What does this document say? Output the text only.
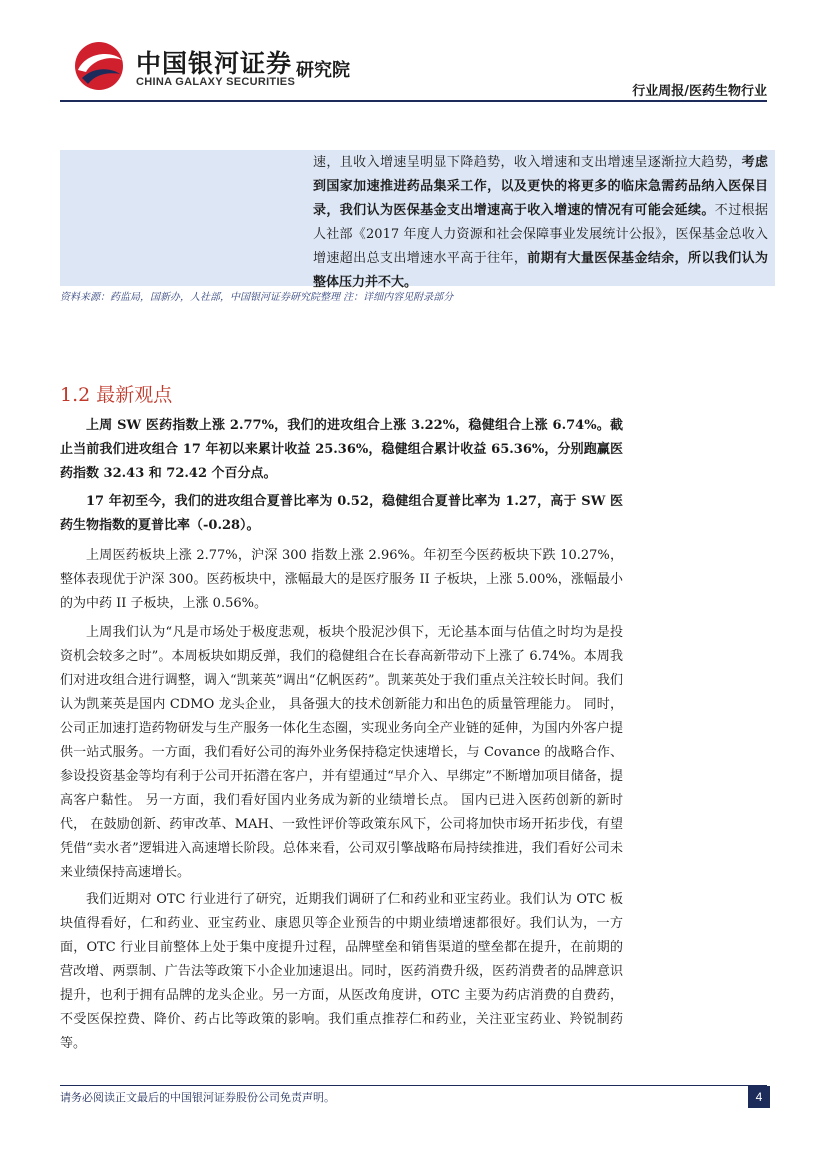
中国银河证券
CHINA GALAXY SECURITIES
研究院
行业周报/医药生物行业
速，且收入增速呈明显下降趋势，收入增速和支出增速呈逐渐拉大趋势，考虑到国家加速推进药品集采工作，以及更快的将更多的临床急需药品纳入医保目录，我们认为医保基金支出增速高于收入增速的情况有可能会延续。不过根据人社部《2017 年度人力资源和社会保障事业发展统计公报》，医保基金总收入增速超出总支出增速水平高于往年，前期有大量医保基金结余，所以我们认为整体压力并不大。
资料来源：药监局，国新办，人社部，中国银河证券研究院整理 注：详细内容见附录部分
1.2 最新观点

上周 SW 医药指数上涨 2.77%，我们的进攻组合上涨 3.22%，稳健组合上涨 6.74%。截止当前我们进攻组合 17 年初以来累计收益 25.36%，稳健组合累计收益 65.36%，分别跑赢医药指数 32.43 和 72.42 个百分点。

17 年初至今，我们的进攻组合夏普比率为 0.52，稳健组合夏普比率为 1.27，高于 SW 医药生物指数的夏普比率（-0.28）。

上周医药板块上涨 2.77%，沪深 300 指数上涨 2.96%。年初至今医药板块下跌 10.27%，整体表现优于沪深 300。医药板块中，涨幅最大的是医疗服务 II 子板块，上涨 5.00%，涨幅最小的为中药 II 子板块，上涨 0.56%。

上周我们认为“凡是市场处于极度悲观，板块个股泥沙俱下，无论基本面与估值之时均为是投资机会较多之时”。本周板块如期反弹，我们的稳健组合在长春高新带动下上涨了 6.74%。本周我们对进攻组合进行调整，调入“凯莱英”调出“亿帆医药”。凯莱英处于我们重点关注较长时间。我们认为凯莱英是国内 CDMO 龙头企业， 具备强大的技术创新能力和出色的质量管理能力。 同时，公司正加速打造药物研发与生产服务一体化生态圈，实现业务向全产业链的延伸，为国内外客户提供一站式服务。一方面，我们看好公司的海外业务保持稳定快速增长，与 Covance 的战略合作、参设投资基金等均有利于公司开拓潜在客户，并有望通过“早介入、早绑定”不断增加项目储备，提高客户黏性。 另一方面，我们看好国内业务成为新的业绩增长点。 国内已进入医药创新的新时代， 在鼓励创新、药审改革、MAH、一致性评价等政策东风下，公司将加快市场开拓步伐，有望凭借“卖水者”逻辑进入高速增长阶段。总体来看，公司双引擎战略布局持续推进，我们看好公司未来业绩保持高速增长。

我们近期对 OTC 行业进行了研究，近期我们调研了仁和药业和亚宝药业。我们认为 OTC 板块值得看好，仁和药业、亚宝药业、康恩贝等企业预告的中期业绩增速都很好。我们认为，一方面，OTC 行业目前整体上处于集中度提升过程，品牌壁垒和销售渠道的壁垒都在提升，在前期的营改增、两票制、广告法等政策下小企业加速退出。同时，医药消费升级，医药消费者的品牌意识提升，也利于拥有品牌的龙头企业。另一方面，从医改角度讲，OTC 主要为药店消费的自费药，不受医保控费、降价、药占比等政策的影响。我们重点推荐仁和药业，关注亚宝药业、羚锐制药等。

请务必阅读正文最后的中国银河证券股份公司免责声明。	4
